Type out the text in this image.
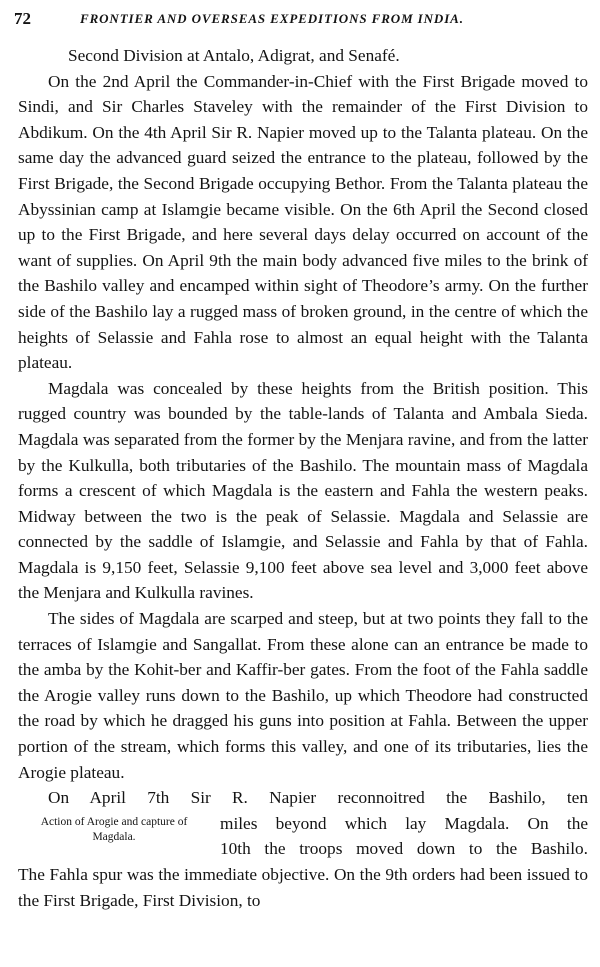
72	FRONTIER AND OVERSEAS EXPEDITIONS FROM INDIA.

Second Division at Antalo, Adigrat, and Senafé.

On the 2nd April the Commander-in-Chief with the First Brigade moved to Sindi, and Sir Charles Staveley with the remainder of the First Division to Abdikum. On the 4th April Sir R. Napier moved up to the Talanta plateau. On the same day the advanced guard seized the entrance to the plateau, followed by the First Brigade, the Second Brigade occupying Bethor. From the Talanta plateau the Abyssinian camp at Islamgie became visible. On the 6th April the Second closed up to the First Brigade, and here several days delay occurred on account of the want of supplies. On April 9th the main body advanced five miles to the brink of the Bashilo valley and encamped within sight of Theodore’s army. On the further side of the Bashilo lay a rugged mass of broken ground, in the centre of which the heights of Selassie and Fahla rose to almost an equal height with the Talanta plateau.

Magdala was concealed by these heights from the British position. This rugged country was bounded by the table-lands of Talanta and Ambala Sieda. Magdala was separated from the former by the Menjara ravine, and from the latter by the Kulkulla, both tributaries of the Bashilo. The mountain mass of Magdala forms a crescent of which Magdala is the eastern and Fahla the western peaks. Midway between the two is the peak of Selassie. Magdala and Selassie are connected by the saddle of Islamgie, and Selassie and Fahla by that of Fahla. Magdala is 9,150 feet, Selassie 9,100 feet above sea level and 3,000 feet above the Menjara and Kulkulla ravines.

The sides of Magdala are scarped and steep, but at two points they fall to the terraces of Islamgie and Sangallat. From these alone can an entrance be made to the amba by the Kohit-ber and Kaffir-ber gates. From the foot of the Fahla saddle the Arogie valley runs down to the Bashilo, up which Theodore had constructed the road by which he dragged his guns into position at Fahla. Between the upper portion of the stream, which forms this valley, and one of its tributaries, lies the Arogie plateau.

On April 7th Sir R. Napier reconnoitred the Bashilo, ten
Action of Arogie and capture of Magdala.
miles beyond which lay Magdala. On the
10th the troops moved down to the Bashilo.

The Fahla spur was the immediate objective. On the 9th orders had been issued to the First Brigade, First Division, to
